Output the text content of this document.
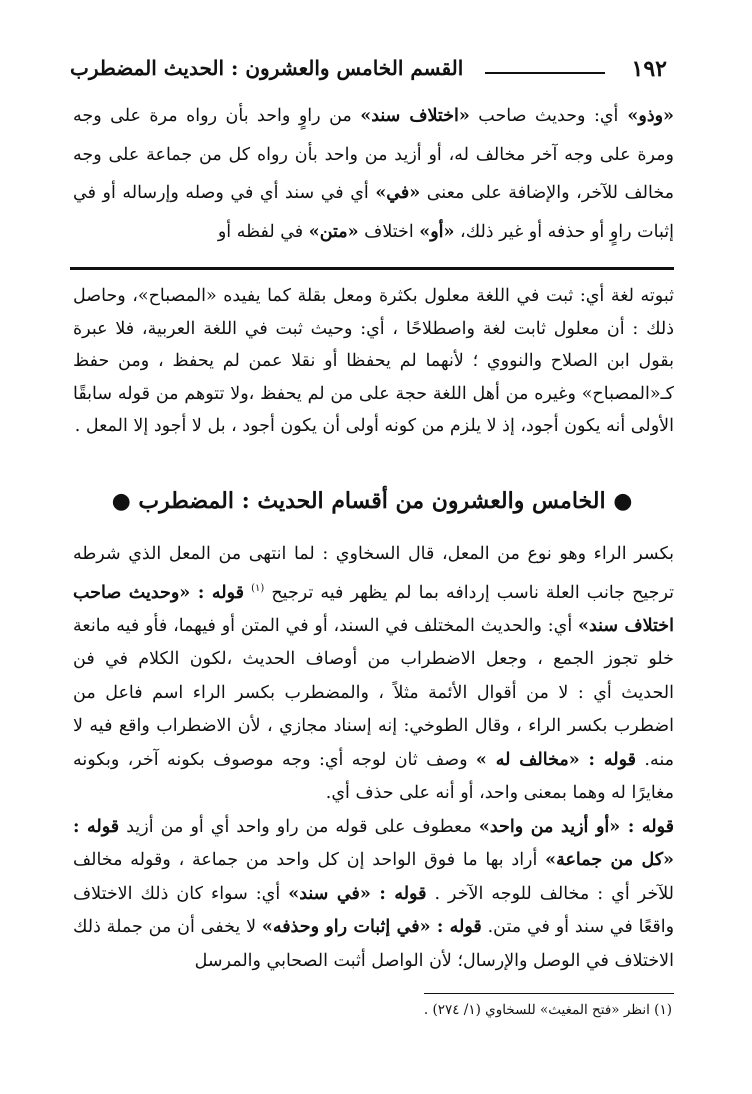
١٩٢
القسم الخامس والعشرون : الحديث المضطرب

«وذو» أي: وحديث صاحب «اختلاف سند» من راوٍ واحد بأن رواه مرة على وجه ومرة على وجه آخر مخالف له، أو أزيد من واحد بأن رواه كل من جماعة على وجه مخالف للآخر، والإضافة على معنى «في» أي في سند أي في وصله وإرساله أو في إثبات راوٍ أو حذفه أو غير ذلك، «أو» اختلاف «متن» في لفظه أو

ثبوته لغة أي: ثبت في اللغة معلول بكثرة ومعل بقلة كما يفيده «المصباح»، وحاصل ذلك : أن معلول ثابت لغة واصطلاحًا ، أي: وحيث ثبت في اللغة العربية، فلا عبرة بقول ابن الصلاح والنووي ؛ لأنهما لم يحفظا أو نقلا عمن لم يحفظ ، ومن حفظ كـ«المصباح» وغيره من أهل اللغة حجة على من لم يحفظ ،ولا تتوهم من قوله سابقًا الأولى أنه يكون أجود، إذ لا يلزم من كونه أولى أن يكون أجود ، بل لا أجود إلا المعل .

● الخامس والعشرون من أقسام الحديث : المضطرب ●

بكسر الراء وهو نوع من المعل، قال السخاوي : لما انتهى من المعل الذي شرطه ترجيح جانب العلة ناسب إردافه بما لم يظهر فيه ترجيح $^{(١)}$ قوله : «وحديث صاحب اختلاف سند» أي: والحديث المختلف في السند، أو في المتن أو فيهما، فأو فيه مانعة خلو تجوز الجمع ، وجعل الاضطراب من أوصاف الحديث ،لكون الكلام في فن الحديث أي : لا من أقوال الأئمة مثلاً ، والمضطرب بكسر الراء اسم فاعل من اضطرب بكسر الراء ، وقال الطوخي: إنه إسناد مجازي ، لأن الاضطراب واقع فيه لا منه. قوله : «مخالف له » وصف ثان لوجه أي: وجه موصوف بكونه آخر، وبكونه مغايرًا له وهما بمعنى واحد، أو أنه على حذف أي.

قوله : «أو أزيد من واحد» معطوف على قوله من راو واحد أي أو من أزيد قوله : «كل من جماعة» أراد بها ما فوق الواحد إن كل واحد من جماعة ، وقوله مخالف للآخر أي : مخالف للوجه الآخر . قوله : «في سند» أي: سواء كان ذلك الاختلاف واقعًا في سند أو في متن. قوله : «في إثبات راو وحذفه» لا يخفى أن من جملة ذلك الاختلاف في الوصل والإرسال؛ لأن الواصل أثبت الصحابي والمرسل

(١) انظر «فتح المغيث» للسخاوي (١/ ٢٧٤) .
